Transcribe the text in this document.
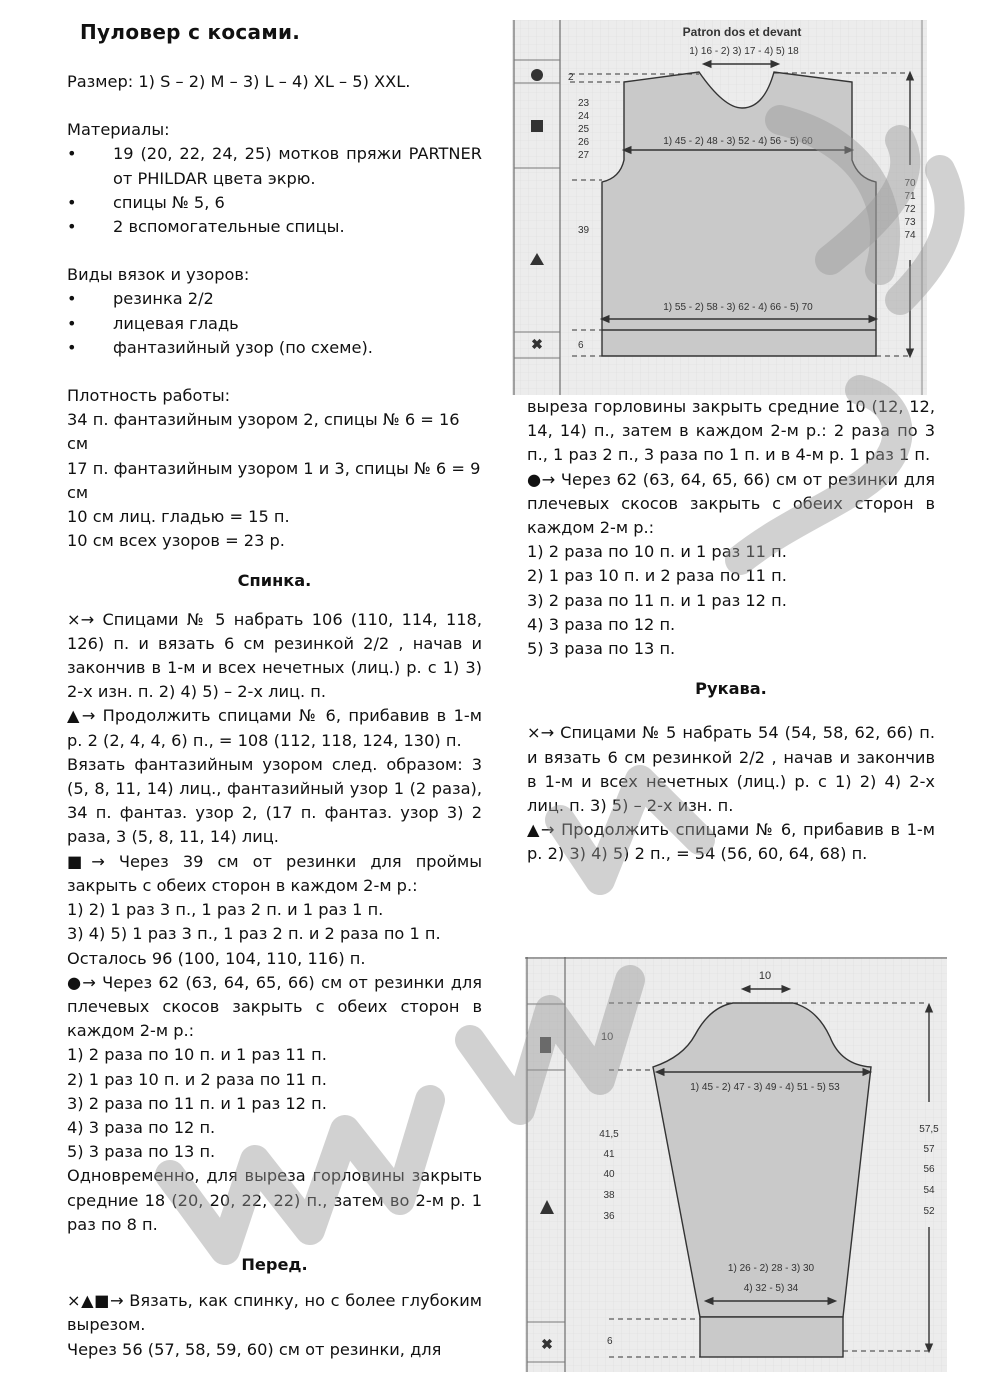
Пуловер с косами.

Размер: 1) S – 2) M – 3) L – 4) XL – 5) XXL.

Материалы:

•	19 (20, 22, 24, 25) мотков пряжи PARTNER от PHILDAR цвета экрю.
•	спицы № 5, 6
•	2 вспомогательные спицы.

Виды вязок и узоров:

•	резинка 2/2
•	лицевая гладь
•	фантазийный узор (по схеме).

Плотность работы:

34 п. фантазийным узором 2, спицы № 6 = 16 см

17 п. фантазийным узором 1 и 3, спицы № 6 = 9 см

10 см лиц. гладью = 15 п.

10 см всех узоров = 23 р.

Спинка.

×→ Спицами № 5 набрать 106 (110, 114, 118, 126) п. и вязать 6 см резинкой 2/2 , начав и закончив в 1-м и всех нечетных (лиц.) р. с 1) 3) 2-х изн. п. 2) 4) 5) – 2-х лиц. п.

▲→ Продолжить спицами № 6, прибавив в 1-м р. 2 (2, 4, 4, 6) п., = 108 (112, 118, 124, 130) п.

Вязать фантазийным узором след. образом: 3 (5, 8, 11, 14) лиц., фантазийный узор 1 (2 раза), 34 п. фантаз. узор 2, (17 п. фантаз. узор 3) 2 раза, 3 (5, 8, 11, 14) лиц.

■→ Через 39 см от резинки для проймы закрыть с обеих сторон в каждом 2-м р.:

1) 2) 1 раз 3 п., 1 раз 2 п. и 1 раз 1 п.

3) 4) 5) 1 раз 3 п., 1 раз 2 п. и 2 раза по 1 п.

Осталось 96 (100, 104, 110, 116) п.

●→ Через 62 (63, 64, 65, 66) см от резинки для плечевых скосов закрыть с обеих сторон в каждом 2-м р.:

1) 2 раза по 10 п. и 1 раз 11 п.

2) 1 раз 10 п. и 2 раза по 11 п.

3) 2 раза по 11 п. и 1 раз 12 п.

4) 3 раза по 12 п.

5) 3 раза по 13 п.

Одновременно, для выреза горловины закрыть средние 18 (20, 20, 22, 22) п., затем во 2-м р. 1 раз по 8 п.

Перед.

×▲■→ Вязать, как спинку, но с более глубоким вырезом.

Через 56 (57, 58, 59, 60) см от резинки, для

✖
Patron dos et devant
1) 16 - 2) 3) 17 - 4) 5) 18
2
23
24
25
26
27
1) 45 - 2) 48 - 3) 52 - 4) 56 - 5) 60
39
70
71
72
73
74
1) 55 - 2) 58 - 3) 62 - 4) 66 - 5) 70
6

выреза горловины закрыть средние 10 (12, 12, 14, 14) п., затем в каждом 2-м р.: 2 раза по 3 п., 1 раз 2 п., 3 раза по 1 п. и в 4-м р. 1 раз 1 п.

●→ Через 62 (63, 64, 65, 66) см от резинки для плечевых скосов закрыть с обеих сторон в каждом 2-м р.:

1) 2 раза по 10 п. и 1 раз 11 п.

2) 1 раз 10 п. и 2 раза по 11 п.

3) 2 раза по 11 п. и 1 раз 12 п.

4) 3 раза по 12 п.

5) 3 раза по 13 п.

Рукава.

×→ Спицами № 5 набрать 54 (54, 58, 62, 66) п. и вязать 6 см резинкой 2/2 , начав и закончив в 1-м и всех нечетных (лиц.) р. с 1) 2) 4) 2-х лиц. п. 3) 5) – 2-х изн. п.

▲→ Продолжить спицами № 6, прибавив в 1-м р. 2) 3) 4) 5) 2 п., = 54 (56, 60, 64, 68) п.

✖
10
10
1) 45 - 2) 47 - 3) 49 - 4) 51 - 5) 53
41,5
41
40
38
36
57,5
57
56
54
52
1) 26 - 2) 28 - 3) 30
4) 32 - 5) 34
6
